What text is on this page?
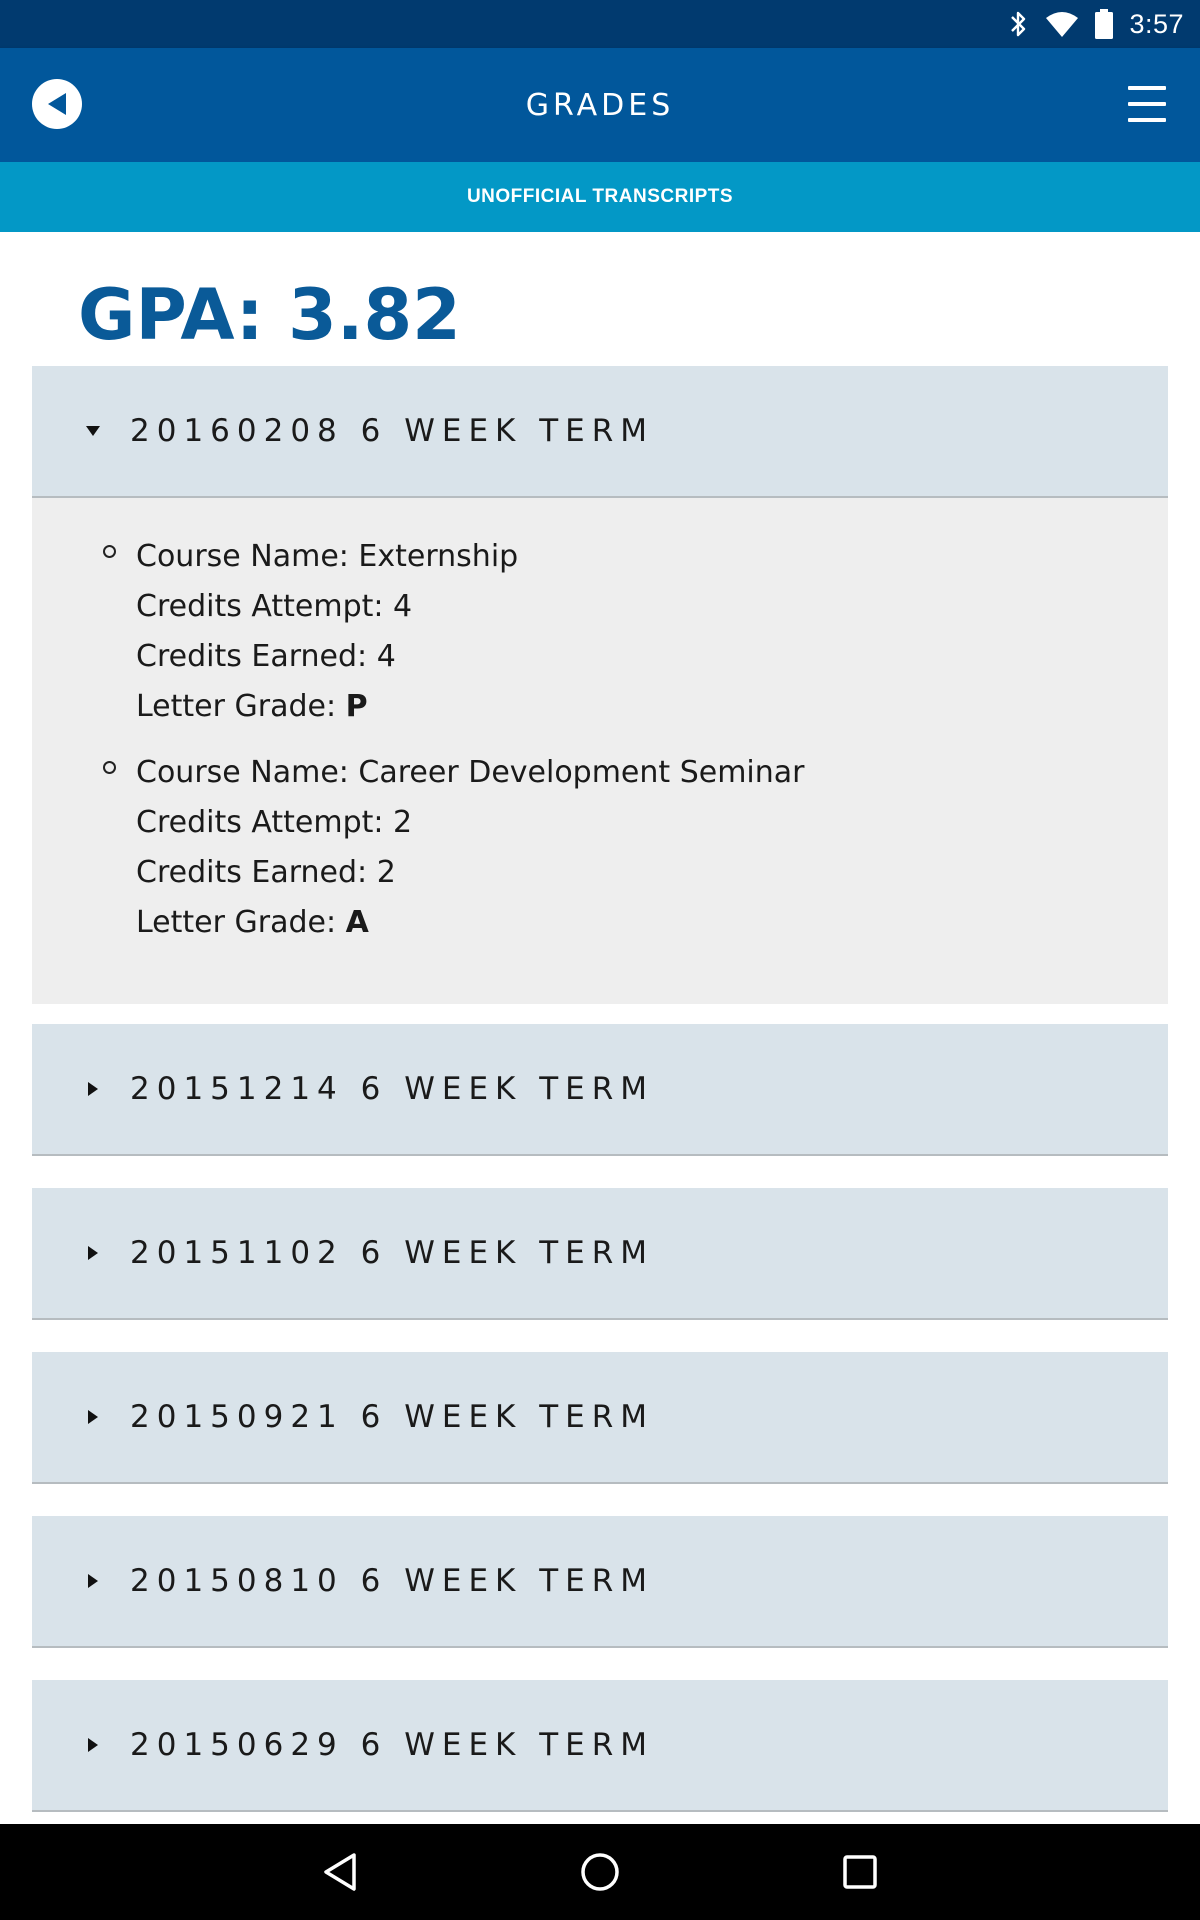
3:57
GRADES
UNOFFICIAL TRANSCRIPTS
GPA: 3.82
20160208 6 WEEK TERM
Course Name: Externship
Credits Attempt: 4
Credits Earned: 4
Letter Grade: P
Course Name: Career Development Seminar
Credits Attempt: 2
Credits Earned: 2
Letter Grade: A
20151214 6 WEEK TERM
20151102 6 WEEK TERM
20150921 6 WEEK TERM
20150810 6 WEEK TERM
20150629 6 WEEK TERM
